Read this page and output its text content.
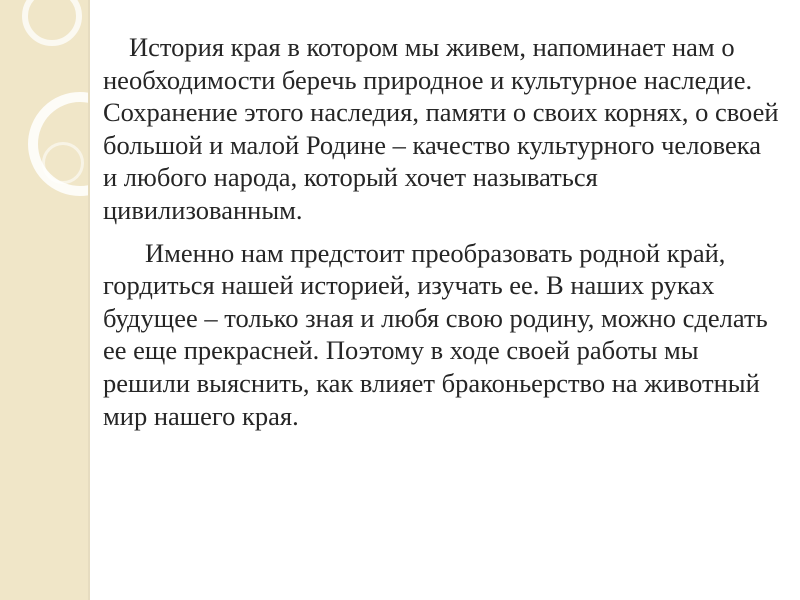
История края в котором мы живем, напоминает нам о необходимости беречь природное и культурное наследие. Сохранение этого наследия, памяти о своих корнях, о своей большой и малой Родине – качество культурного человека и любого народа, который хочет называться цивилизованным.

Именно нам предстоит преобразовать родной край, гордиться нашей историей, изучать ее. В наших руках будущее – только зная и любя свою родину, можно сделать ее еще прекрасней. Поэтому в ходе своей работы мы решили выяснить, как влияет браконьерство на животный мир нашего края.
